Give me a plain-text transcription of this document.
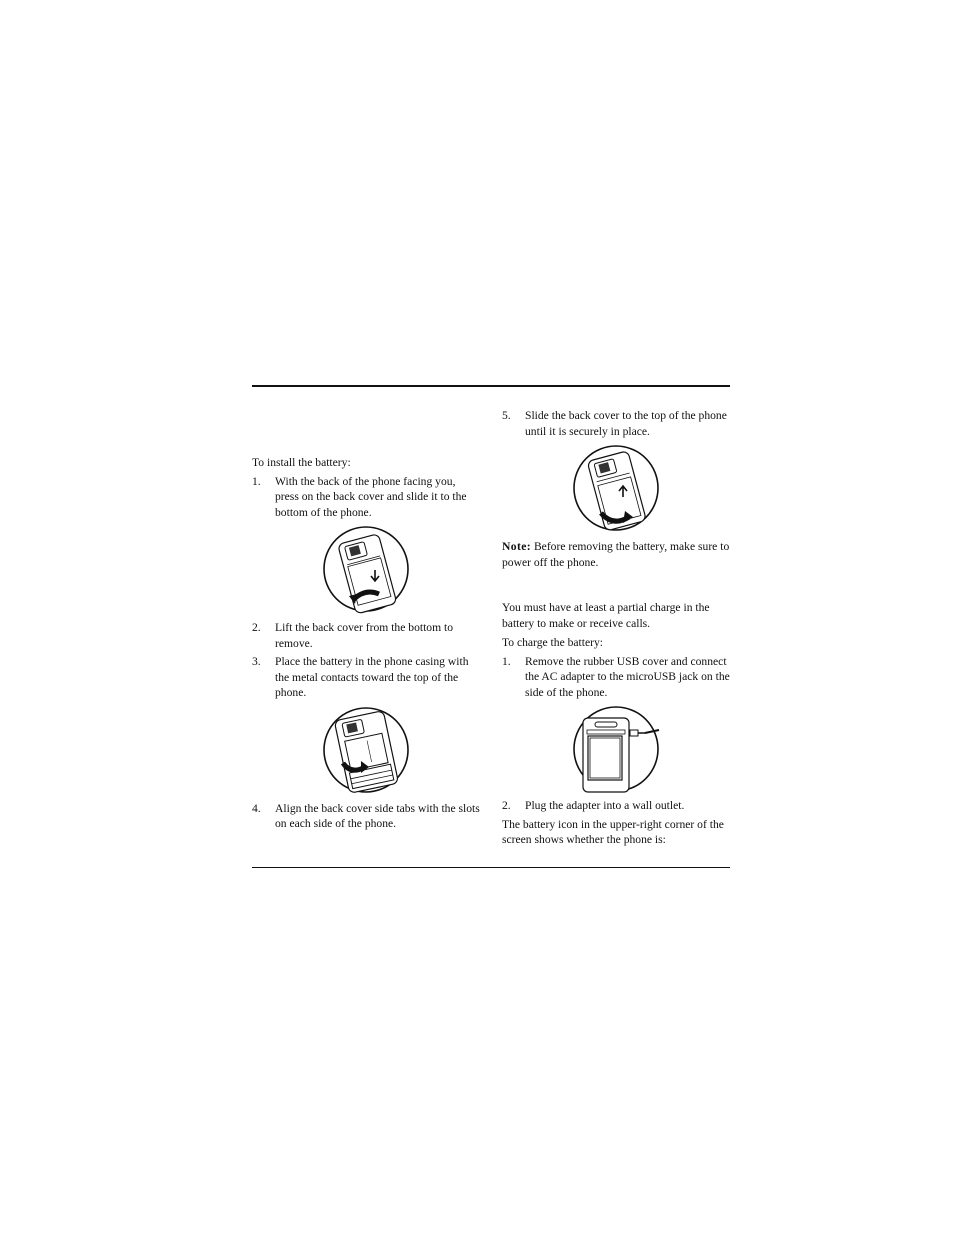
To install the battery:

1. With the back of the phone facing you, press on the back cover and slide it to the bottom of the phone.
2. Lift the back cover from the bottom to remove.
3. Place the battery in the phone casing with the metal contacts toward the top of the phone.
4. Align the back cover side tabs with the slots on each side of the phone.
5. Slide the back cover to the top of the phone until it is securely in place.

Note: Before removing the battery, make sure to power off the phone.

You must have at least a partial charge in the battery to make or receive calls.

To charge the battery:

1. Remove the rubber USB cover and connect the AC adapter to the microUSB jack on the side of the phone.
2. Plug the adapter into a wall outlet.

The battery icon in the upper-right corner of the screen shows whether the phone is:
